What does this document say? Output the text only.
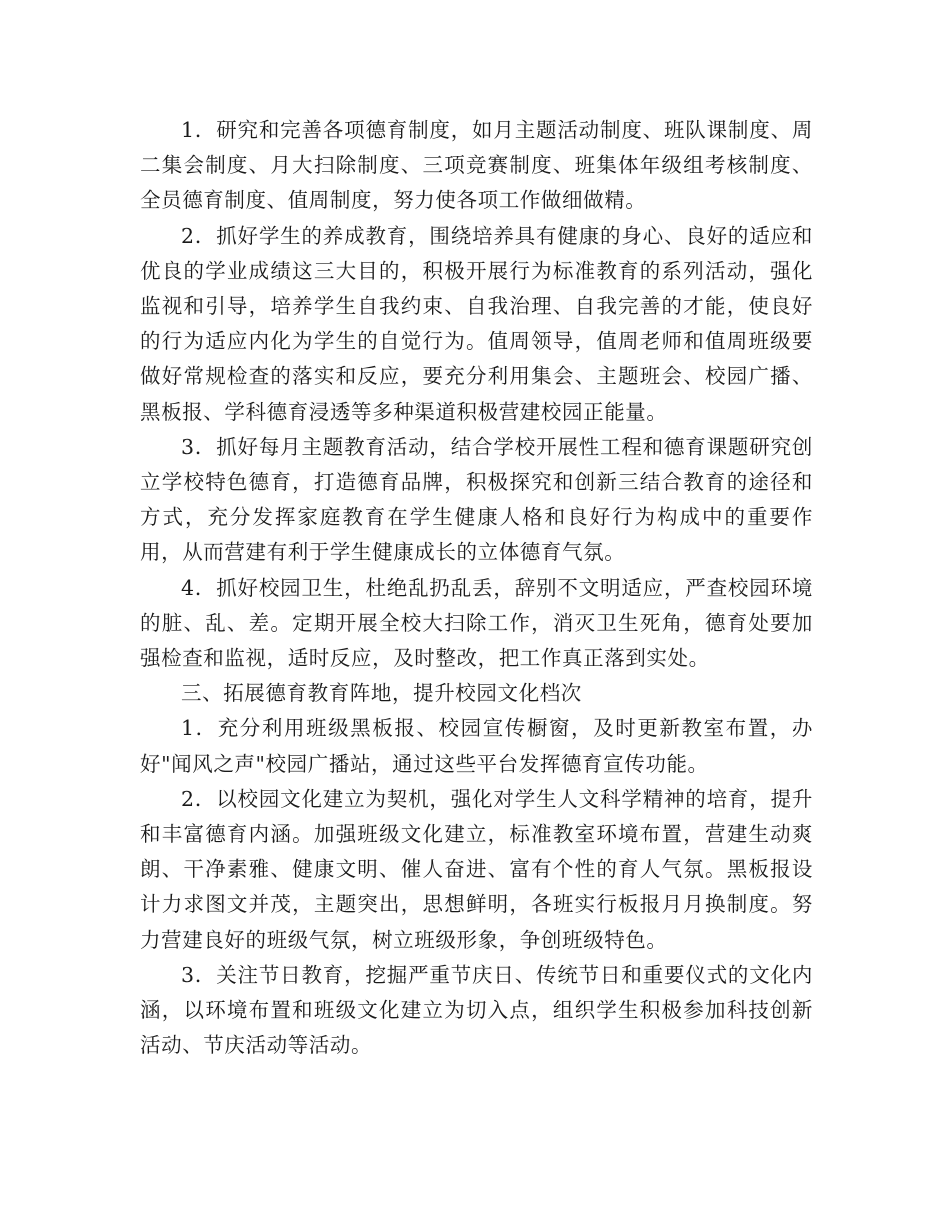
1．研究和完善各项德育制度，如月主题活动制度、班队课制度、周二集会制度、月大扫除制度、三项竞赛制度、班集体年级组考核制度、全员德育制度、值周制度，努力使各项工作做细做精。

2．抓好学生的养成教育，围绕培养具有健康的身心、良好的适应和优良的学业成绩这三大目的，积极开展行为标准教育的系列活动，强化监视和引导，培养学生自我约束、自我治理、自我完善的才能，使良好的行为适应内化为学生的自觉行为。值周领导，值周老师和值周班级要做好常规检查的落实和反应，要充分利用集会、主题班会、校园广播、黑板报、学科德育浸透等多种渠道积极营建校园正能量。

3．抓好每月主题教育活动，结合学校开展性工程和德育课题研究创立学校特色德育，打造德育品牌，积极探究和创新三结合教育的途径和方式，充分发挥家庭教育在学生健康人格和良好行为构成中的重要作用，从而营建有利于学生健康成长的立体德育气氛。

4．抓好校园卫生，杜绝乱扔乱丢，辞别不文明适应，严查校园环境的脏、乱、差。定期开展全校大扫除工作，消灭卫生死角，德育处要加强检查和监视，适时反应，及时整改，把工作真正落到实处。

三、拓展德育教育阵地，提升校园文化档次

1．充分利用班级黑板报、校园宣传橱窗，及时更新教室布置，办好"闻风之声"校园广播站，通过这些平台发挥德育宣传功能。

2．以校园文化建立为契机，强化对学生人文科学精神的培育，提升和丰富德育内涵。加强班级文化建立，标准教室环境布置，营建生动爽朗、干净素雅、健康文明、催人奋进、富有个性的育人气氛。黑板报设计力求图文并茂，主题突出，思想鲜明，各班实行板报月月换制度。努力营建良好的班级气氛，树立班级形象，争创班级特色。

3．关注节日教育，挖掘严重节庆日、传统节日和重要仪式的文化内涵，以环境布置和班级文化建立为切入点，组织学生积极参加科技创新活动、节庆活动等活动。
